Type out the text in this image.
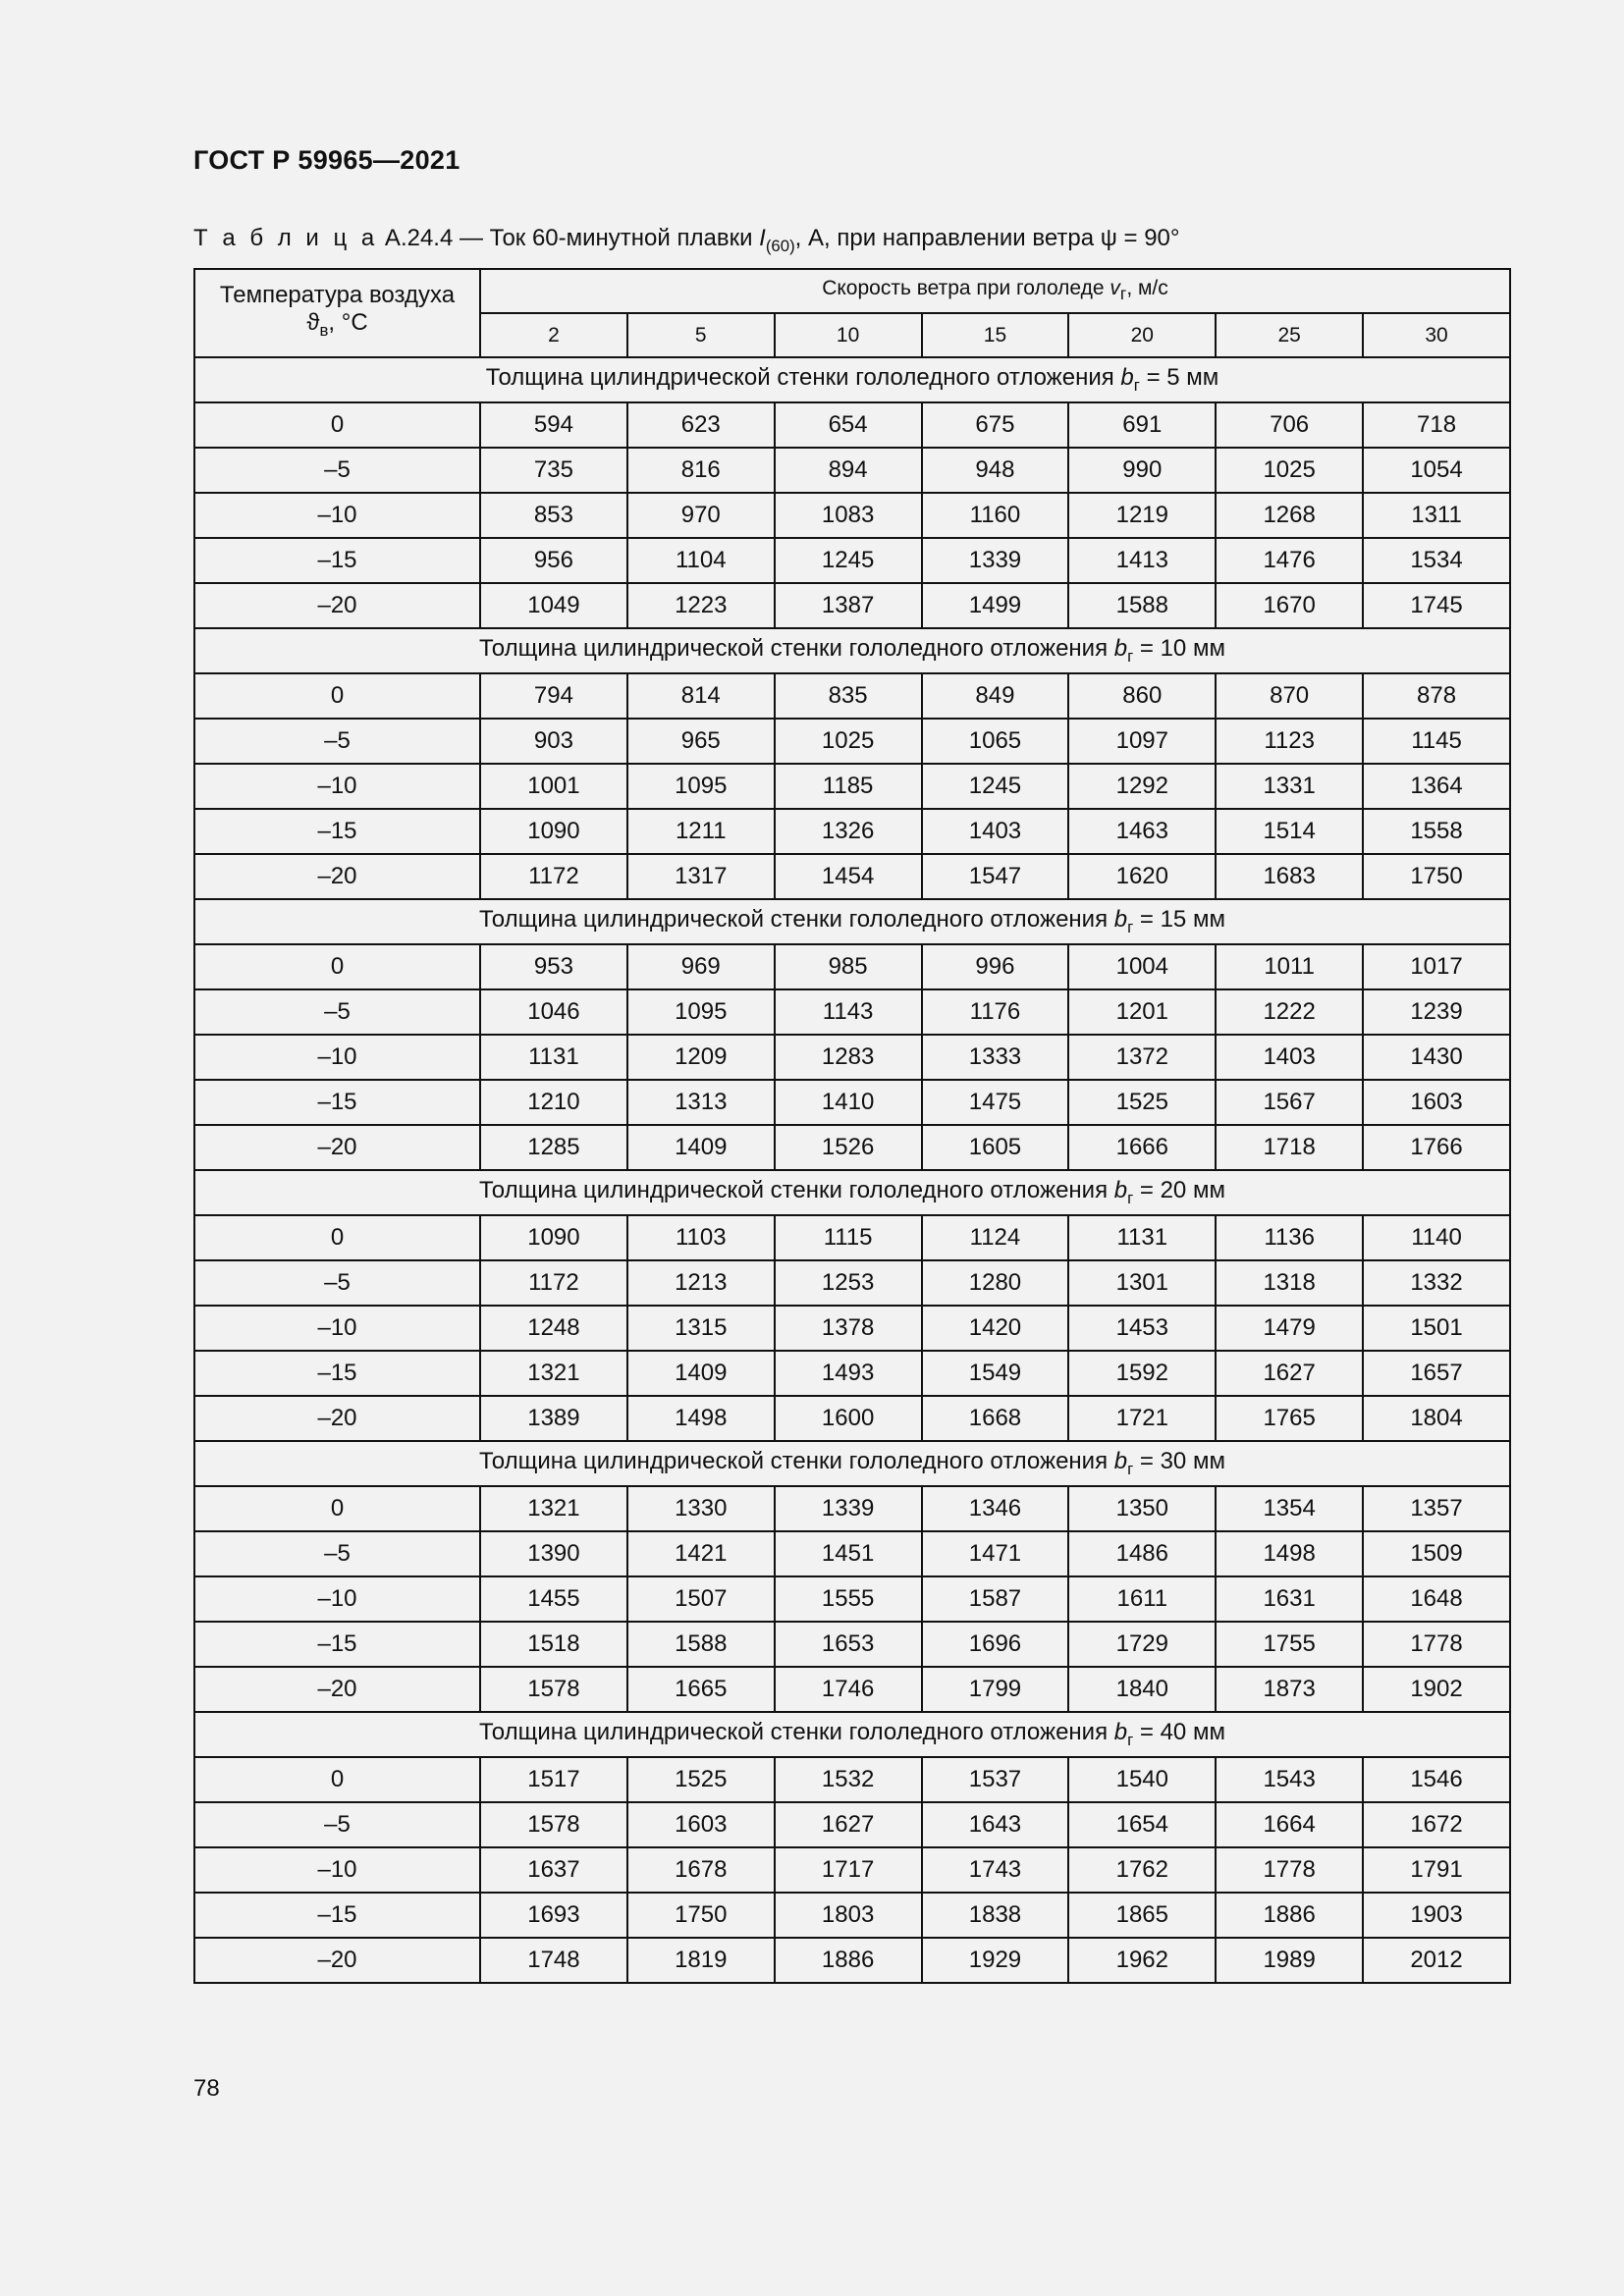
ГОСТ Р 59965—2021
Т а б л и ц а А.24.4 — Ток 60-минутной плавки $I_{(60)}$, А, при направлении ветра ψ = 90°
Температура воздуха
$ϑ_в$, °С	Скорость ветра при гололеде $v_г$, м/с						
	2	5	10	15	20	25	30
Толщина цилиндрической стенки гололедного отложения $b_г = 5$ мм							
0	594	623	654	675	691	706	718
–5	735	816	894	948	990	1025	1054
–10	853	970	1083	1160	1219	1268	1311
–15	956	1104	1245	1339	1413	1476	1534
–20	1049	1223	1387	1499	1588	1670	1745
Толщина цилиндрической стенки гололедного отложения $b_г = 10$ мм							
0	794	814	835	849	860	870	878
–5	903	965	1025	1065	1097	1123	1145
–10	1001	1095	1185	1245	1292	1331	1364
–15	1090	1211	1326	1403	1463	1514	1558
–20	1172	1317	1454	1547	1620	1683	1750
Толщина цилиндрической стенки гололедного отложения $b_г = 15$ мм							
0	953	969	985	996	1004	1011	1017
–5	1046	1095	1143	1176	1201	1222	1239
–10	1131	1209	1283	1333	1372	1403	1430
–15	1210	1313	1410	1475	1525	1567	1603
–20	1285	1409	1526	1605	1666	1718	1766
Толщина цилиндрической стенки гололедного отложения $b_г = 20$ мм							
0	1090	1103	1115	1124	1131	1136	1140
–5	1172	1213	1253	1280	1301	1318	1332
–10	1248	1315	1378	1420	1453	1479	1501
–15	1321	1409	1493	1549	1592	1627	1657
–20	1389	1498	1600	1668	1721	1765	1804
Толщина цилиндрической стенки гололедного отложения $b_г = 30$ мм							
0	1321	1330	1339	1346	1350	1354	1357
–5	1390	1421	1451	1471	1486	1498	1509
–10	1455	1507	1555	1587	1611	1631	1648
–15	1518	1588	1653	1696	1729	1755	1778
–20	1578	1665	1746	1799	1840	1873	1902
Толщина цилиндрической стенки гололедного отложения $b_г = 40$ мм							
0	1517	1525	1532	1537	1540	1543	1546
–5	1578	1603	1627	1643	1654	1664	1672
–10	1637	1678	1717	1743	1762	1778	1791
–15	1693	1750	1803	1838	1865	1886	1903
–20	1748	1819	1886	1929	1962	1989	2012
78
